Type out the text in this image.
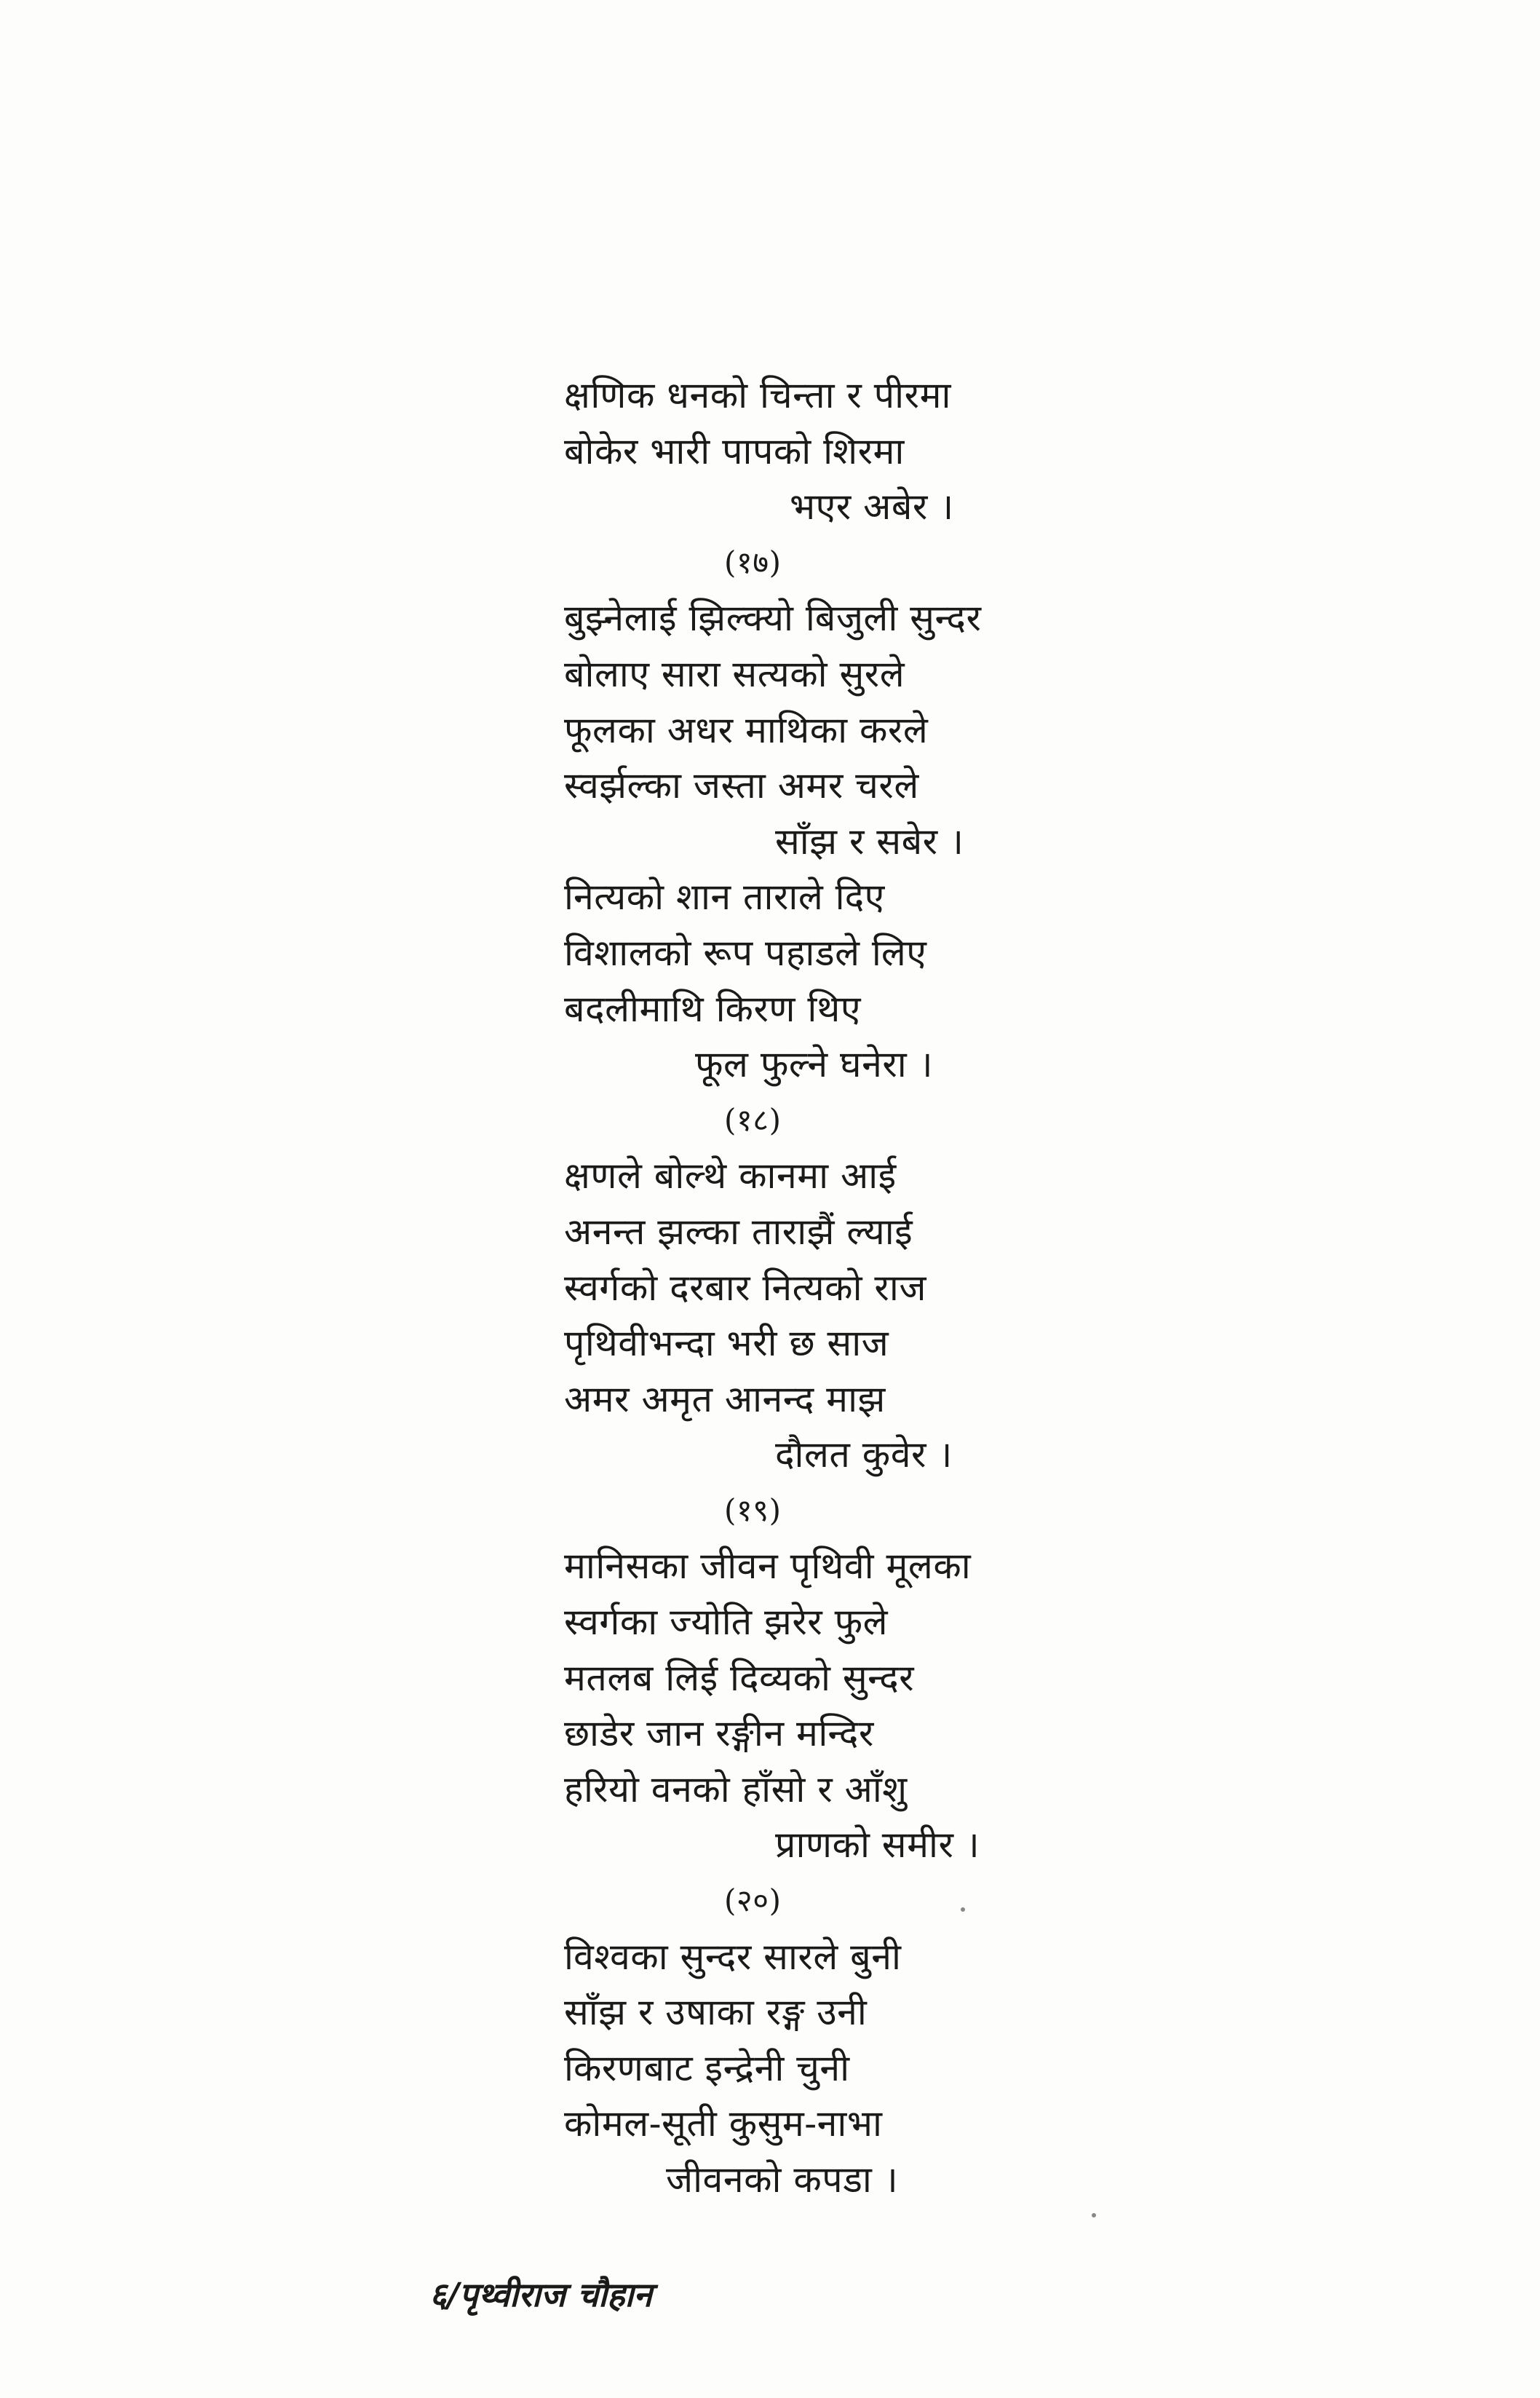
क्षणिक धनको चिन्ता र पीरमा
बोकेर भारी पापको शिरमा
भएर अबेर ।
(१७)
बुझ्नेलाई झिल्क्यो बिजुली सुन्दर
बोलाए सारा सत्यको सुरले
फूलका अधर माथिका करले
स्वर्झल्का जस्ता अमर चरले
साँझ र सबेर ।
नित्यको शान ताराले दिए
विशालको रूप पहाडले लिए
बदलीमाथि किरण थिए
फूल फुल्ने घनेरा ।
(१८)
क्षणले बोल्थे कानमा आई
अनन्त झल्का ताराझैं ल्याई
स्वर्गको दरबार नित्यको राज
पृथिवीभन्दा भरी छ साज
अमर अमृत आनन्द माझ
दौलत कुवेर ।
(१९)
मानिसका जीवन पृथिवी मूलका
स्वर्गका ज्योति झरेर फुले
मतलब लिई दिव्यको सुन्दर
छाडेर जान रङ्गीन मन्दिर
हरियो वनको हाँसो र आँशु
प्राणको समीर ।
(२०)
विश्वका सुन्दर सारले बुनी
साँझ र उषाका रङ्ग उनी
किरणबाट इन्द्रेनी चुनी
कोमल-सूती कुसुम-नाभा
जीवनको कपडा ।
६/पृथ्वीराज चौहान
